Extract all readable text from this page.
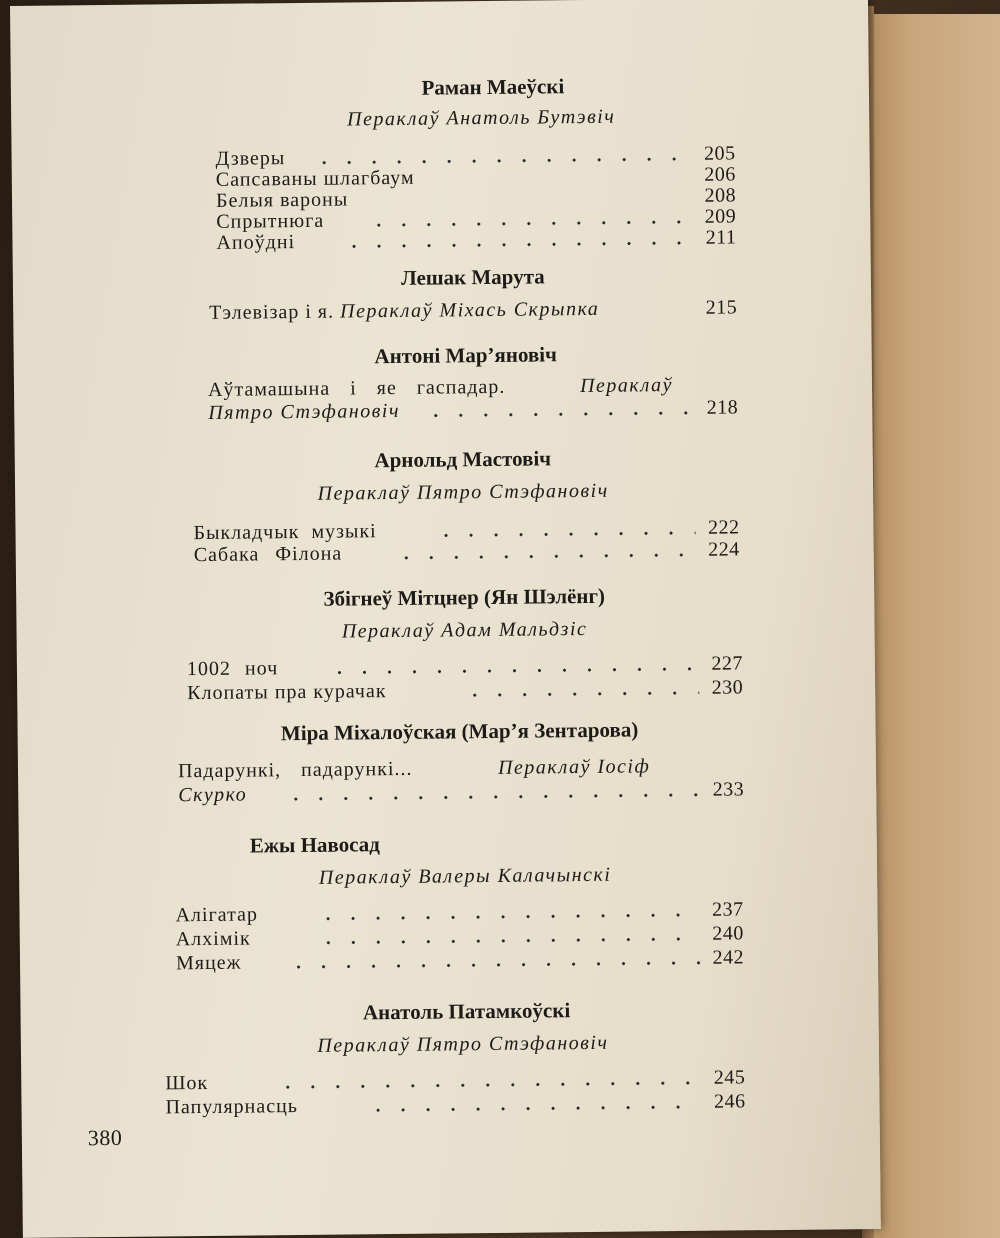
Раман Маеўскі
Пераклаў Анатоль Бутэвіч
Дзверы	205
Сапсаваны шлагбаум	206
Белыя вароны	208
Спрытнюга	209
Апоўдні	211
Лешак Марута
Тэлевізар і я. Пераклаў Міхась Скрыпка	215
Антоні Мар’яновіч
Аўтамашына і яе гаспадар.	Пераклаў
Пятро Стэфановіч	218
Арнольд Мастовіч
Пераклаў Пятро Стэфановіч
Быкладчык музыкі	222
Сабака Філона	224
Збігнеў Мітцнер (Ян Шэлёнг)
Пераклаў Адам Мальдзіс
1002 ноч	227
Клопаты пра курачак	230
Міра Міхалоўская (Мар’я Зентарова)
Падарункі, падарункі...	Пераклаў Іосіф
Скурко	233
Ежы Навосад
Пераклаў Валеры Калачынскі
Алігатар	237
Алхімік	240
Мяцеж	242
Анатоль Патамкоўскі
Пераклаў Пятро Стэфановіч
Шок	245
Папулярнасць	246
380
